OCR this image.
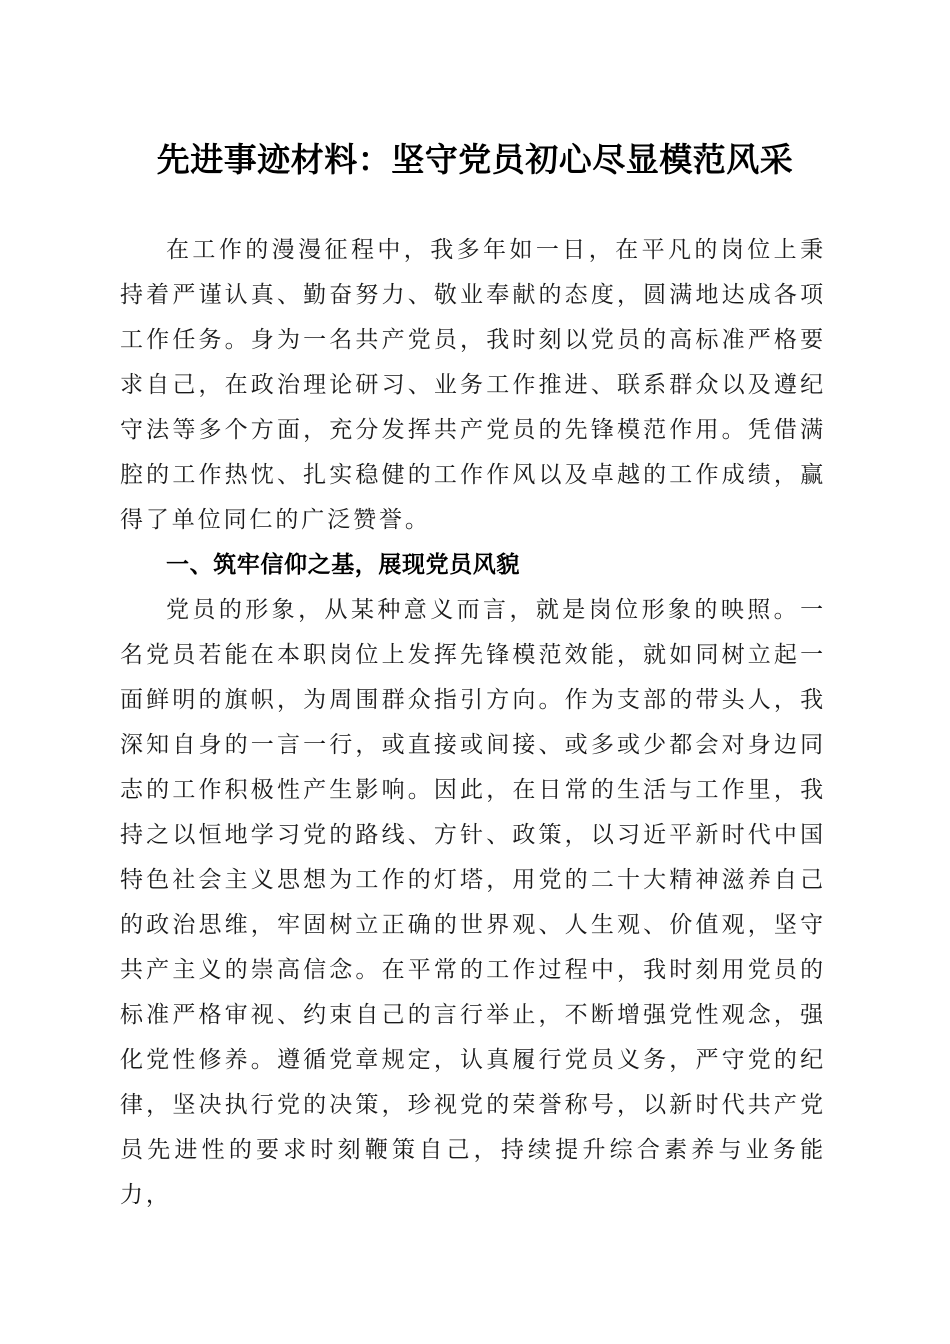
先进事迹材料：坚守党员初心尽显模范风采

在工作的漫漫征程中，我多年如一日，在平凡的岗位上秉持着严谨认真、勤奋努力、敬业奉献的态度，圆满地达成各项工作任务。身为一名共产党员，我时刻以党员的高标准严格要求自己，在政治理论研习、业务工作推进、联系群众以及遵纪守法等多个方面，充分发挥共产党员的先锋模范作用。凭借满腔的工作热忱、扎实稳健的工作作风以及卓越的工作成绩，赢得了单位同仁的广泛赞誉。

一、筑牢信仰之基，展现党员风貌

党员的形象，从某种意义而言，就是岗位形象的映照。一名党员若能在本职岗位上发挥先锋模范效能，就如同树立起一面鲜明的旗帜，为周围群众指引方向。作为支部的带头人，我深知自身的一言一行，或直接或间接、或多或少都会对身边同志的工作积极性产生影响。因此，在日常的生活与工作里，我持之以恒地学习党的路线、方针、政策，以习近平新时代中国特色社会主义思想为工作的灯塔，用党的二十大精神滋养自己的政治思维，牢固树立正确的世界观、人生观、价值观，坚守共产主义的崇高信念。在平常的工作过程中，我时刻用党员的标准严格审视、约束自己的言行举止，不断增强党性观念，强化党性修养。遵循党章规定，认真履行党员义务，严守党的纪律，坚决执行党的决策，珍视党的荣誉称号，以新时代共产党员先进性的要求时刻鞭策自己，持续提升综合素养与业务能力，
